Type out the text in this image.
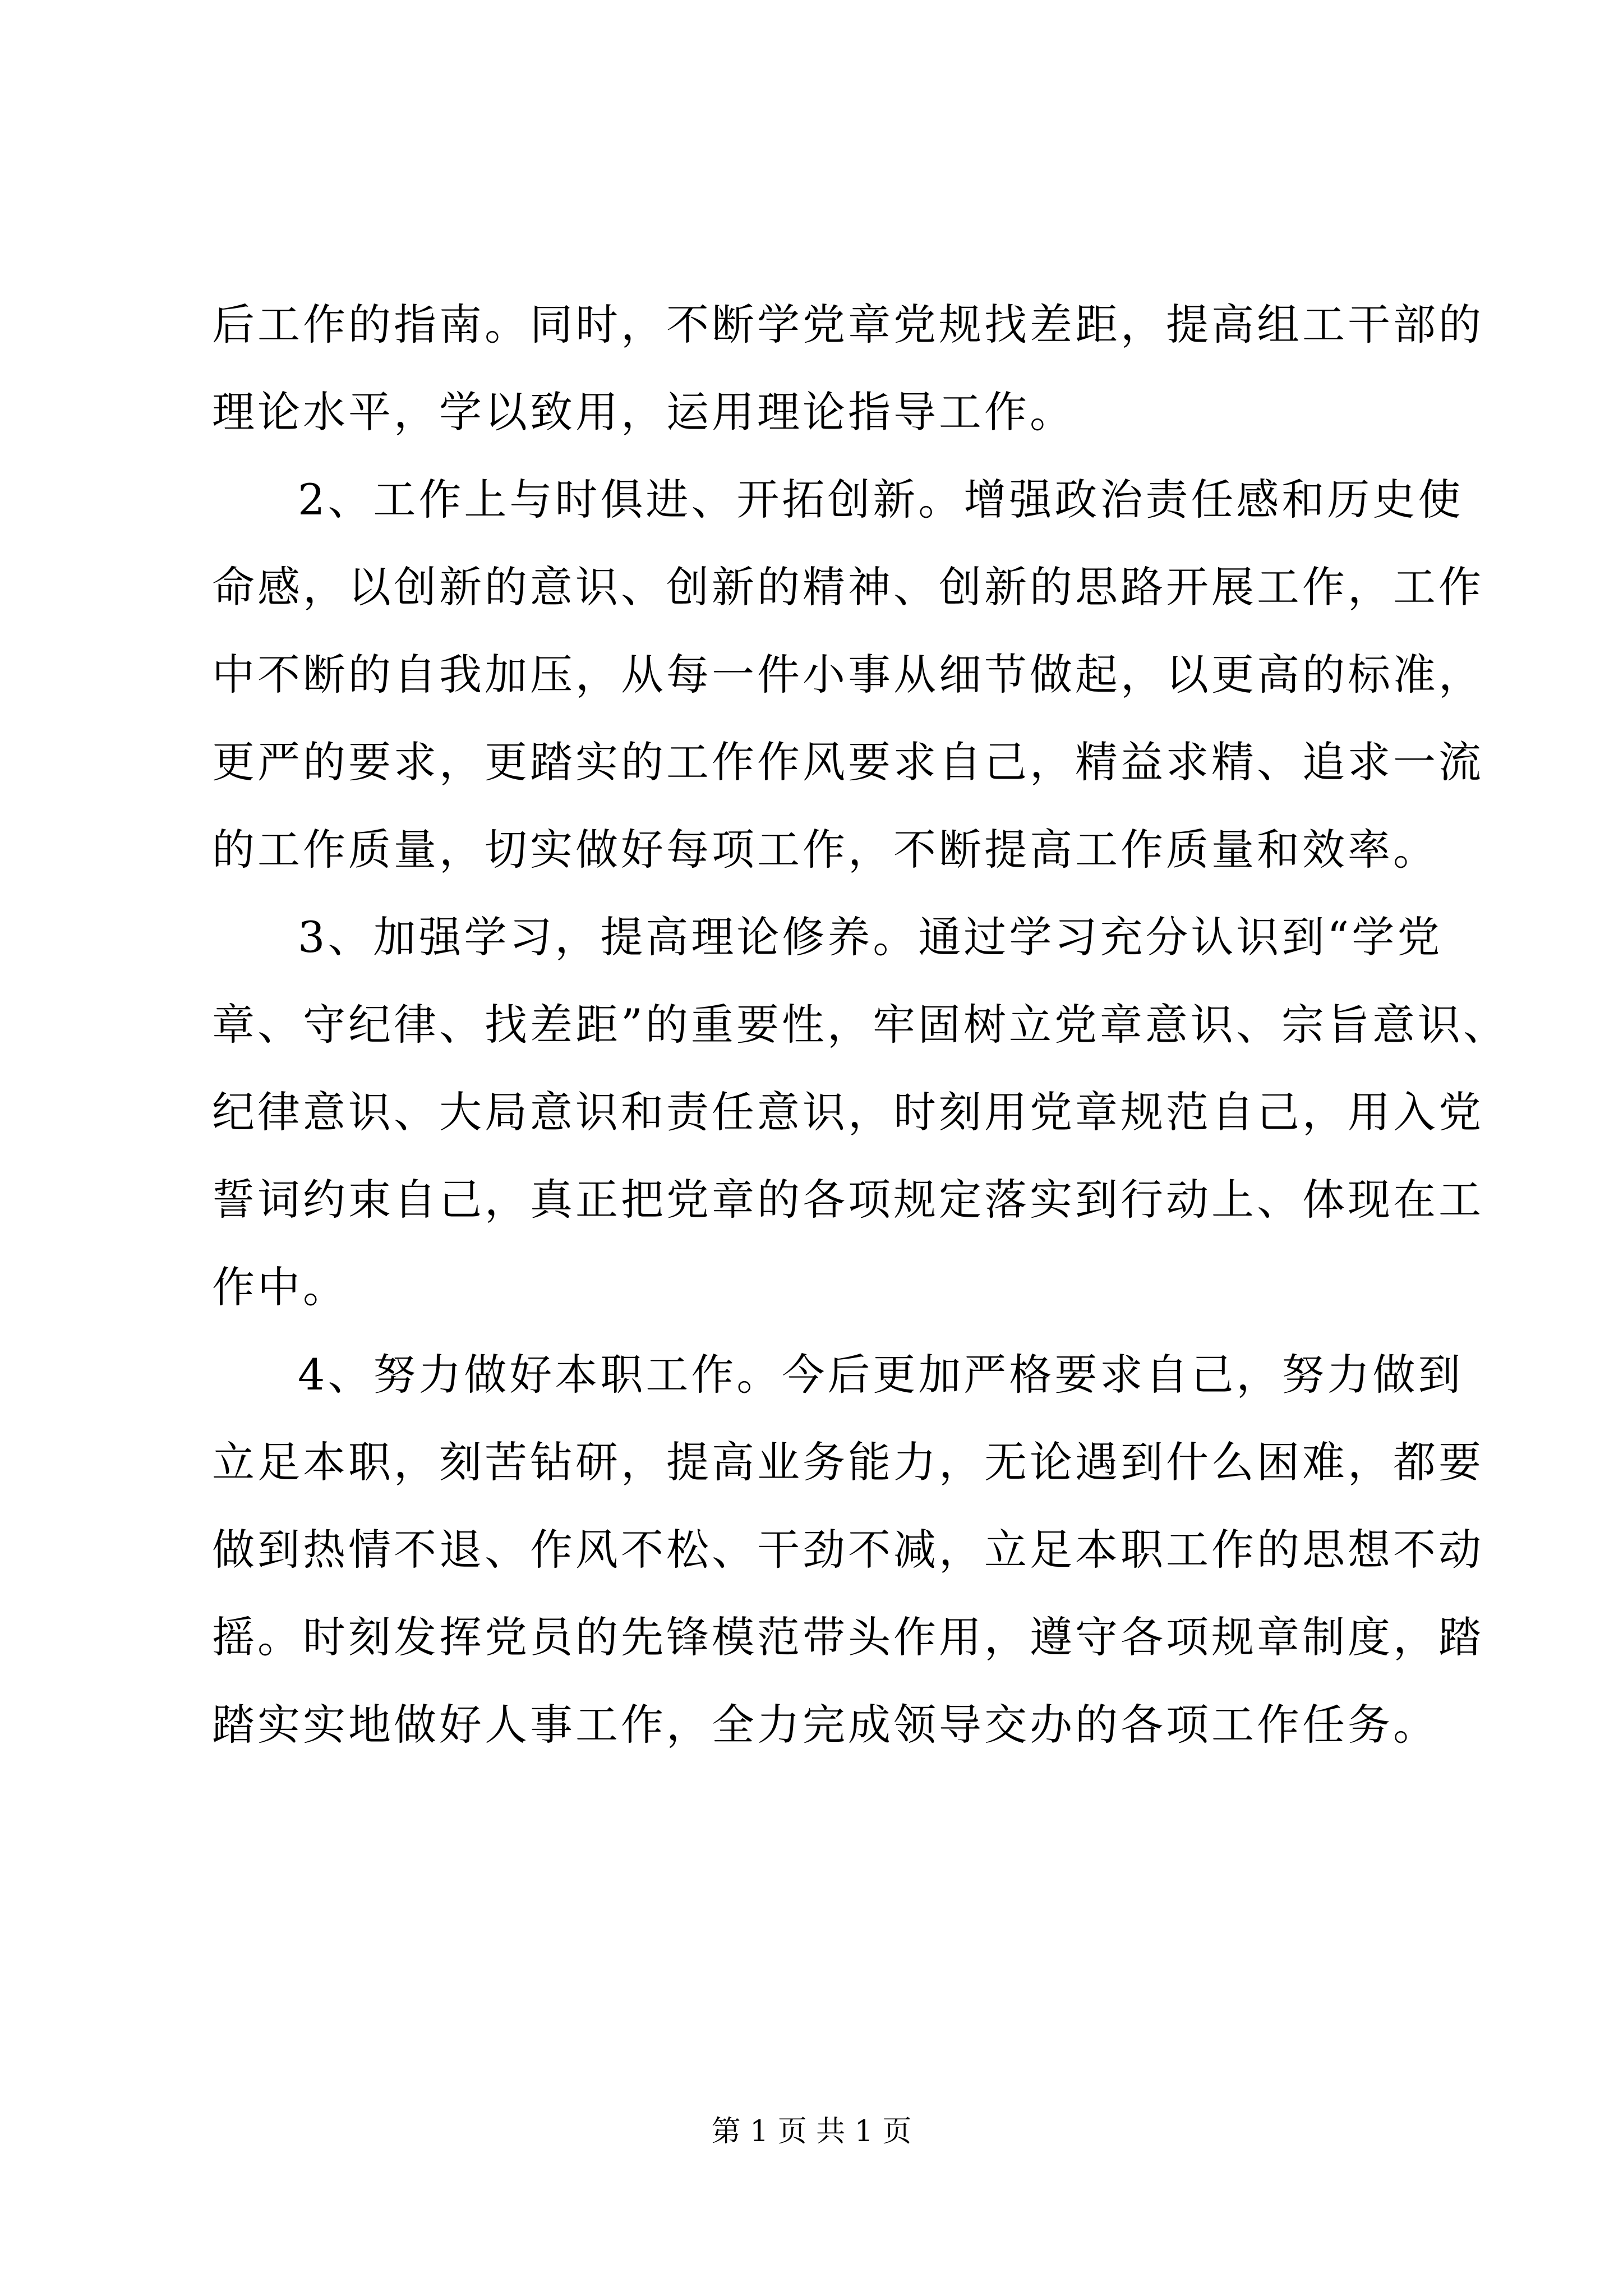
后工作的指南。同时，不断学党章党规找差距，提高组工干部的
理论水平，学以致用，运用理论指导工作。
2、工作上与时俱进、开拓创新。增强政治责任感和历史使
命感，以创新的意识、创新的精神、创新的思路开展工作，工作
中不断的自我加压，从每一件小事从细节做起，以更高的标准，
更严的要求，更踏实的工作作风要求自己，精益求精、追求一流
的工作质量，切实做好每项工作，不断提高工作质量和效率。
3、加强学习，提高理论修养。通过学习充分认识到“学党
章、守纪律、找差距”的重要性，牢固树立党章意识、宗旨意识、
纪律意识、大局意识和责任意识，时刻用党章规范自己，用入党
誓词约束自己，真正把党章的各项规定落实到行动上、体现在工
作中。
4、努力做好本职工作。今后更加严格要求自己，努力做到
立足本职，刻苦钻研，提高业务能力，无论遇到什么困难，都要
做到热情不退、作风不松、干劲不减，立足本职工作的思想不动
摇。时刻发挥党员的先锋模范带头作用，遵守各项规章制度，踏
踏实实地做好人事工作，全力完成领导交办的各项工作任务。
第 1 页 共 1 页
